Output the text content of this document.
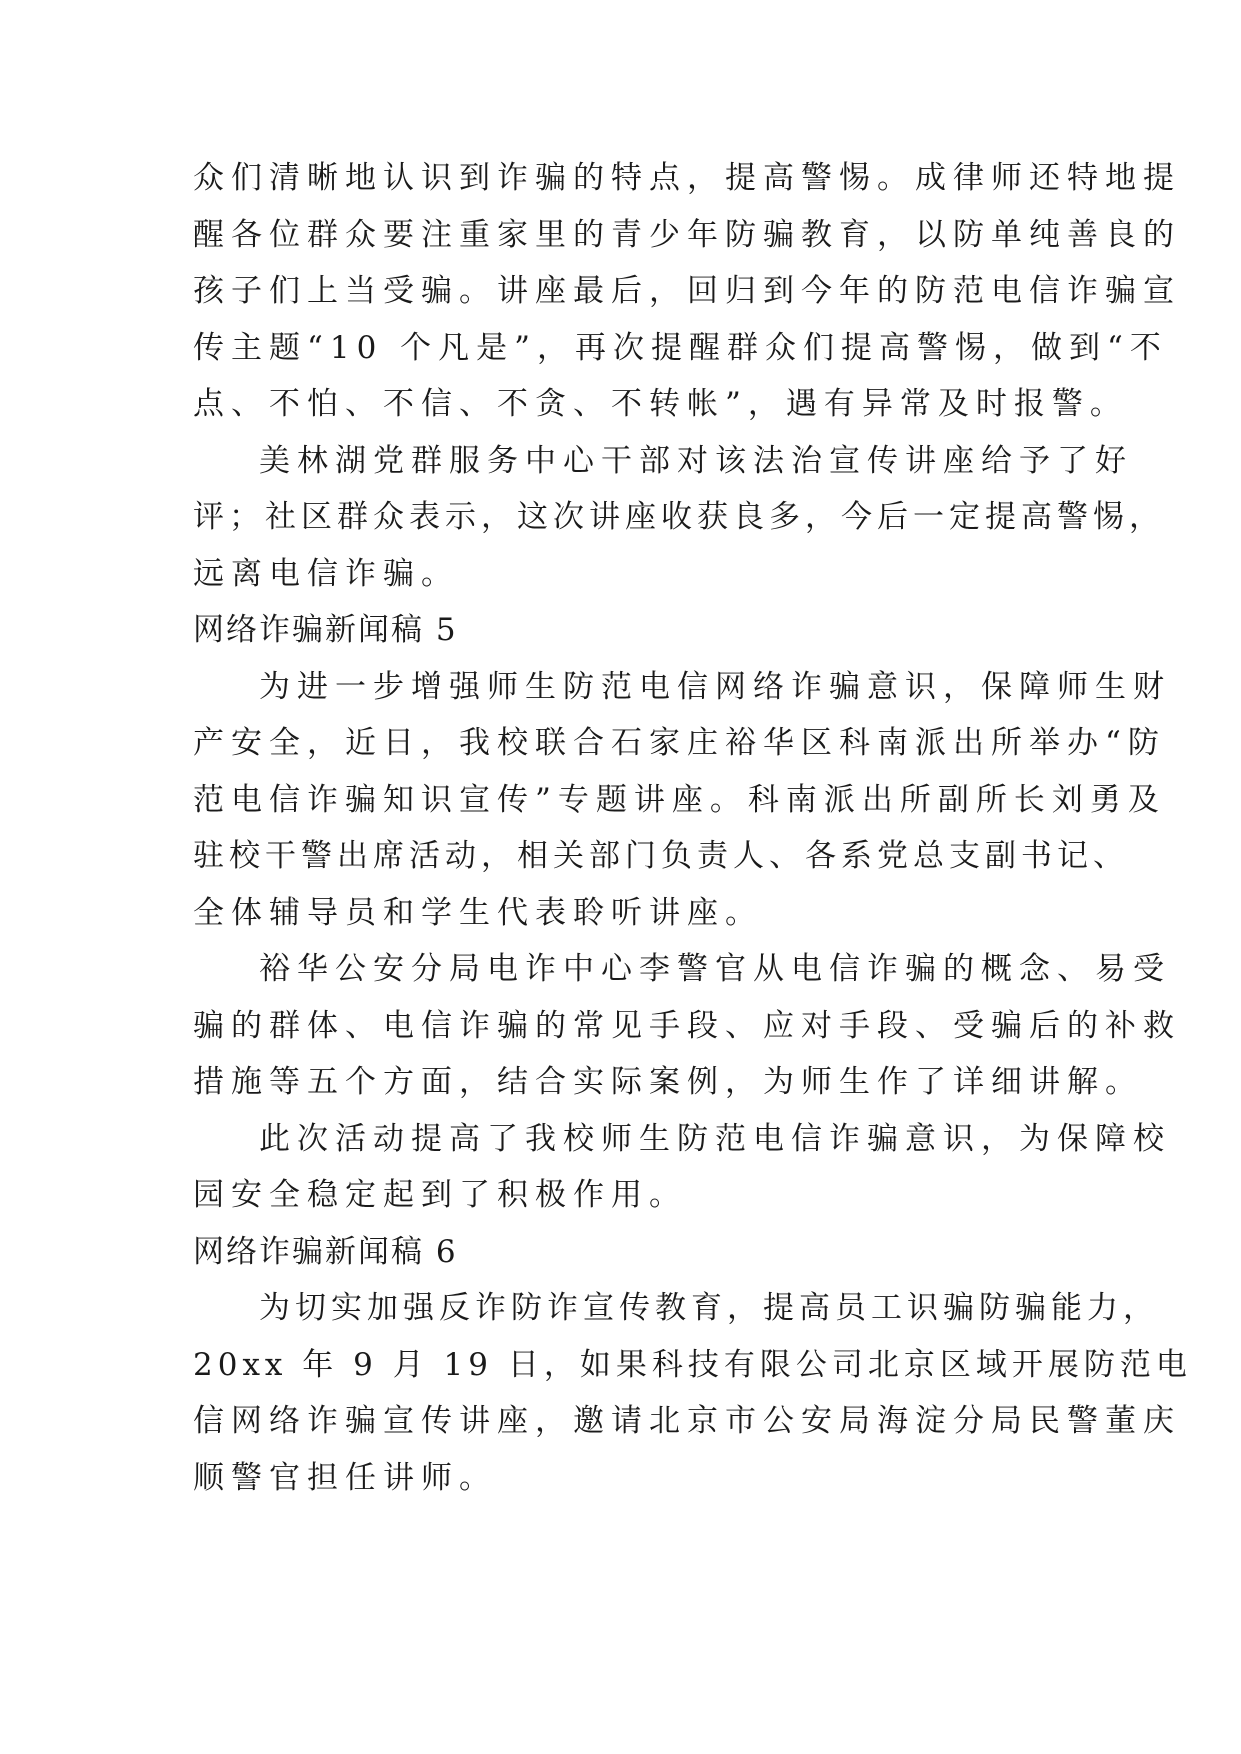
众们清晰地认识到诈骗的特点，提高警惕。成律师还特地提
醒各位群众要注重家里的青少年防骗教育，以防单纯善良的
孩子们上当受骗。讲座最后，回归到今年的防范电信诈骗宣
传主题“10 个凡是”，再次提醒群众们提高警惕，做到“不
点、不怕、不信、不贪、不转帐”，遇有异常及时报警。
美林湖党群服务中心干部对该法治宣传讲座给予了好
评；社区群众表示，这次讲座收获良多，今后一定提高警惕，
远离电信诈骗。
网络诈骗新闻稿 5
为进一步增强师生防范电信网络诈骗意识，保障师生财
产安全，近日，我校联合石家庄裕华区科南派出所举办“防
范电信诈骗知识宣传”专题讲座。科南派出所副所长刘勇及
驻校干警出席活动，相关部门负责人、各系党总支副书记、
全体辅导员和学生代表聆听讲座。
裕华公安分局电诈中心李警官从电信诈骗的概念、易受
骗的群体、电信诈骗的常见手段、应对手段、受骗后的补救
措施等五个方面，结合实际案例，为师生作了详细讲解。
此次活动提高了我校师生防范电信诈骗意识，为保障校
园安全稳定起到了积极作用。
网络诈骗新闻稿 6
为切实加强反诈防诈宣传教育，提高员工识骗防骗能力，
20xx 年 9 月 19 日，如果科技有限公司北京区域开展防范电
信网络诈骗宣传讲座，邀请北京市公安局海淀分局民警董庆
顺警官担任讲师。
